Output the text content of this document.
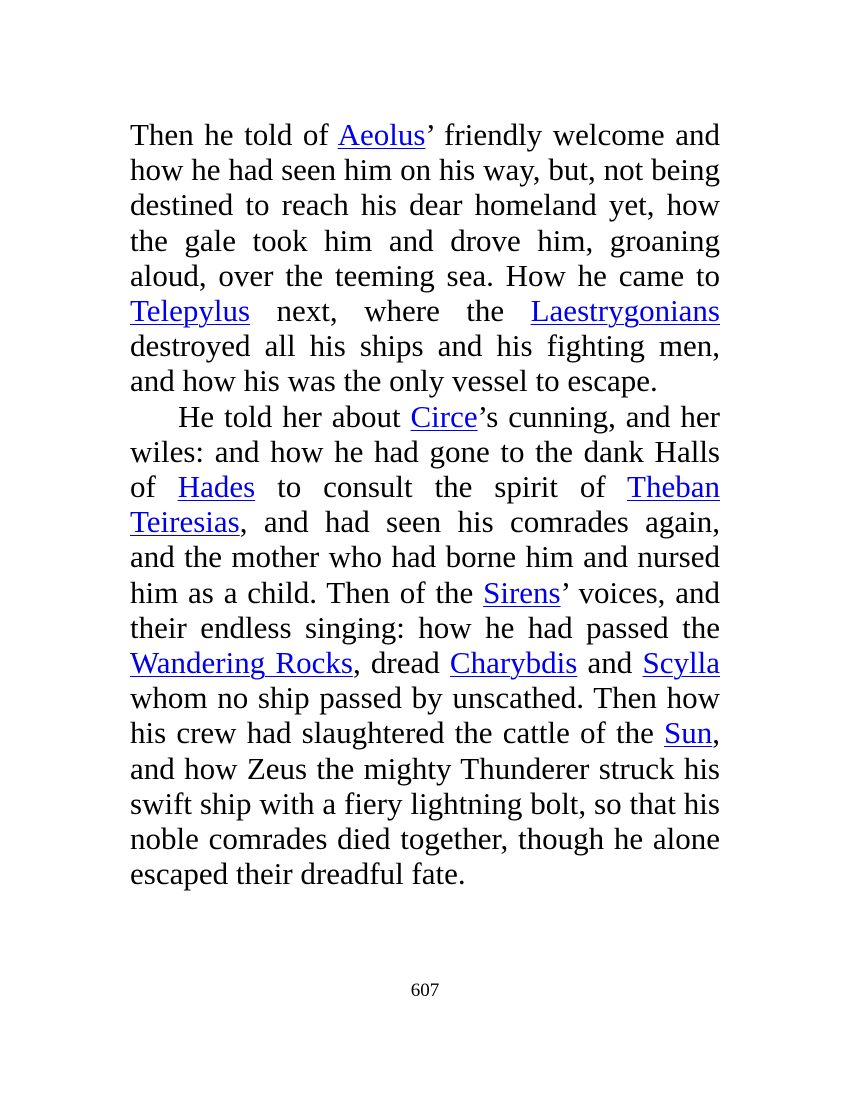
Then he told of Aeolus’ friendly welcome and how he had seen him on his way, but, not being destined to reach his dear homeland yet, how the gale took him and drove him, groaning aloud, over the teeming sea. How he came to Telepylus next, where the Laestrygonians destroyed all his ships and his fighting men, and how his was the only vessel to escape.

He told her about Circe’s cunning, and her wiles: and how he had gone to the dank Halls of Hades to consult the spirit of Theban Teiresias, and had seen his comrades again, and the mother who had borne him and nursed him as a child. Then of the Sirens’ voices, and their endless singing: how he had passed the Wandering Rocks, dread Charybdis and Scylla whom no ship passed by unscathed. Then how his crew had slaughtered the cattle of the Sun, and how Zeus the mighty Thunderer struck his swift ship with a fiery lightning bolt, so that his noble comrades died together, though he alone escaped their dreadful fate.

607
